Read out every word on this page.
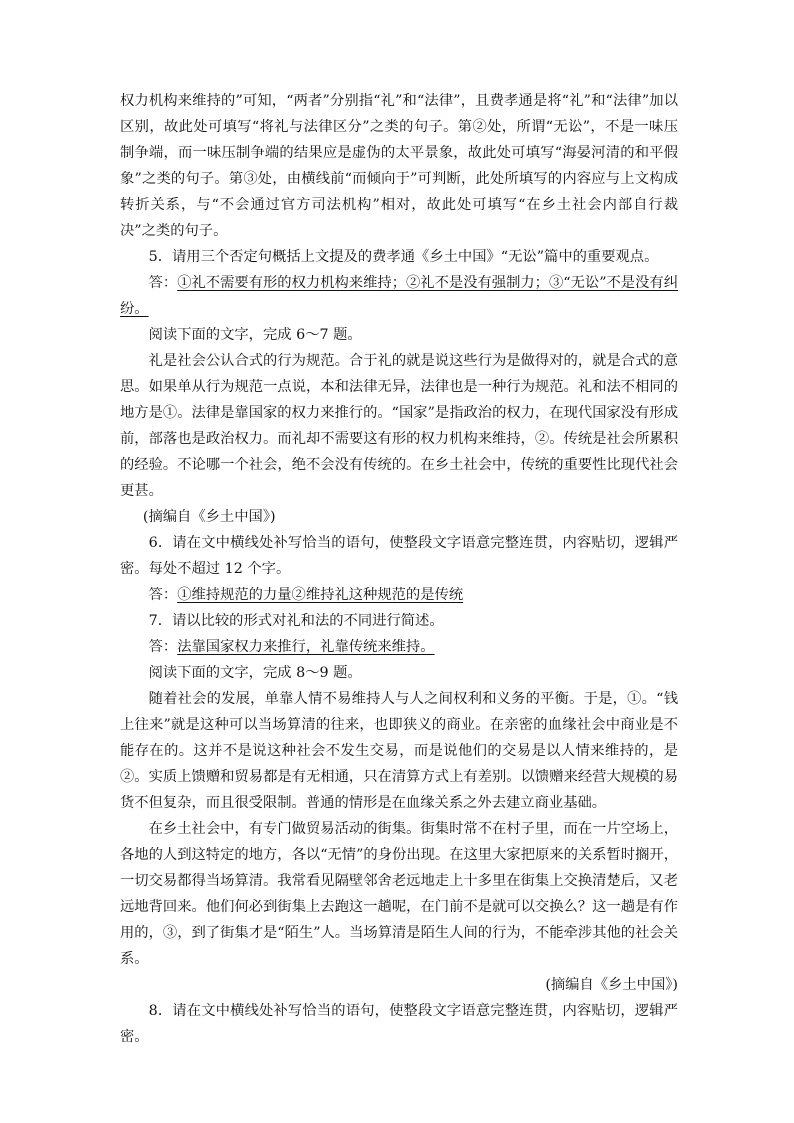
权力机构来维持的”可知，“两者”分别指“礼”和“法律”，且费孝通是将“礼”和“法律”加以区别，故此处可填写“将礼与法律区分”之类的句子。第②处，所谓“无讼”，不是一味压制争端，而一味压制争端的结果应是虚伪的太平景象，故此处可填写“海晏河清的和平假象”之类的句子。第③处，由横线前“而倾向于”可判断，此处所填写的内容应与上文构成转折关系，与“不会通过官方司法机构”相对，故此处可填写“在乡土社会内部自行裁决”之类的句子。

5．请用三个否定句概括上文提及的费孝通《乡土中国》“无讼”篇中的重要观点。

答：①礼不需要有形的权力机构来维持；②礼不是没有强制力；③“无讼”不是没有纠纷。

阅读下面的文字，完成 6～7 题。

礼是社会公认合式的行为规范。合于礼的就是说这些行为是做得对的，就是合式的意思。如果单从行为规范一点说，本和法律无异，法律也是一种行为规范。礼和法不相同的地方是①。法律是靠国家的权力来推行的。“国家”是指政治的权力，在现代国家没有形成前，部落也是政治权力。而礼却不需要这有形的权力机构来维持，②。传统是社会所累积的经验。不论哪一个社会，绝不会没有传统的。在乡土社会中，传统的重要性比现代社会更甚。

(摘编自《乡土中国》)

6．请在文中横线处补写恰当的语句，使整段文字语意完整连贯，内容贴切，逻辑严密。每处不超过 12 个字。

答：①维持规范的力量②维持礼这种规范的是传统

7．请以比较的形式对礼和法的不同进行简述。

答：法靠国家权力来推行，礼靠传统来维持。

阅读下面的文字，完成 8～9 题。

随着社会的发展，单靠人情不易维持人与人之间权利和义务的平衡。于是，①。“钱上往来”就是这种可以当场算清的往来，也即狭义的商业。在亲密的血缘社会中商业是不能存在的。这并不是说这种社会不发生交易，而是说他们的交易是以人情来维持的，是②。实质上馈赠和贸易都是有无相通，只在清算方式上有差别。以馈赠来经营大规模的易货不但复杂，而且很受限制。普通的情形是在血缘关系之外去建立商业基础。

在乡土社会中，有专门做贸易活动的街集。街集时常不在村子里，而在一片空场上，各地的人到这特定的地方，各以“无情”的身份出现。在这里大家把原来的关系暂时搁开，一切交易都得当场算清。我常看见隔壁邻舍老远地走上十多里在街集上交换清楚后，又老远地背回来。他们何必到街集上去跑这一趟呢，在门前不是就可以交换么？这一趟是有作用的，③，到了街集才是“陌生”人。当场算清是陌生人间的行为，不能牵涉其他的社会关系。

(摘编自《乡土中国》)

8．请在文中横线处补写恰当的语句，使整段文字语意完整连贯，内容贴切，逻辑严密。
